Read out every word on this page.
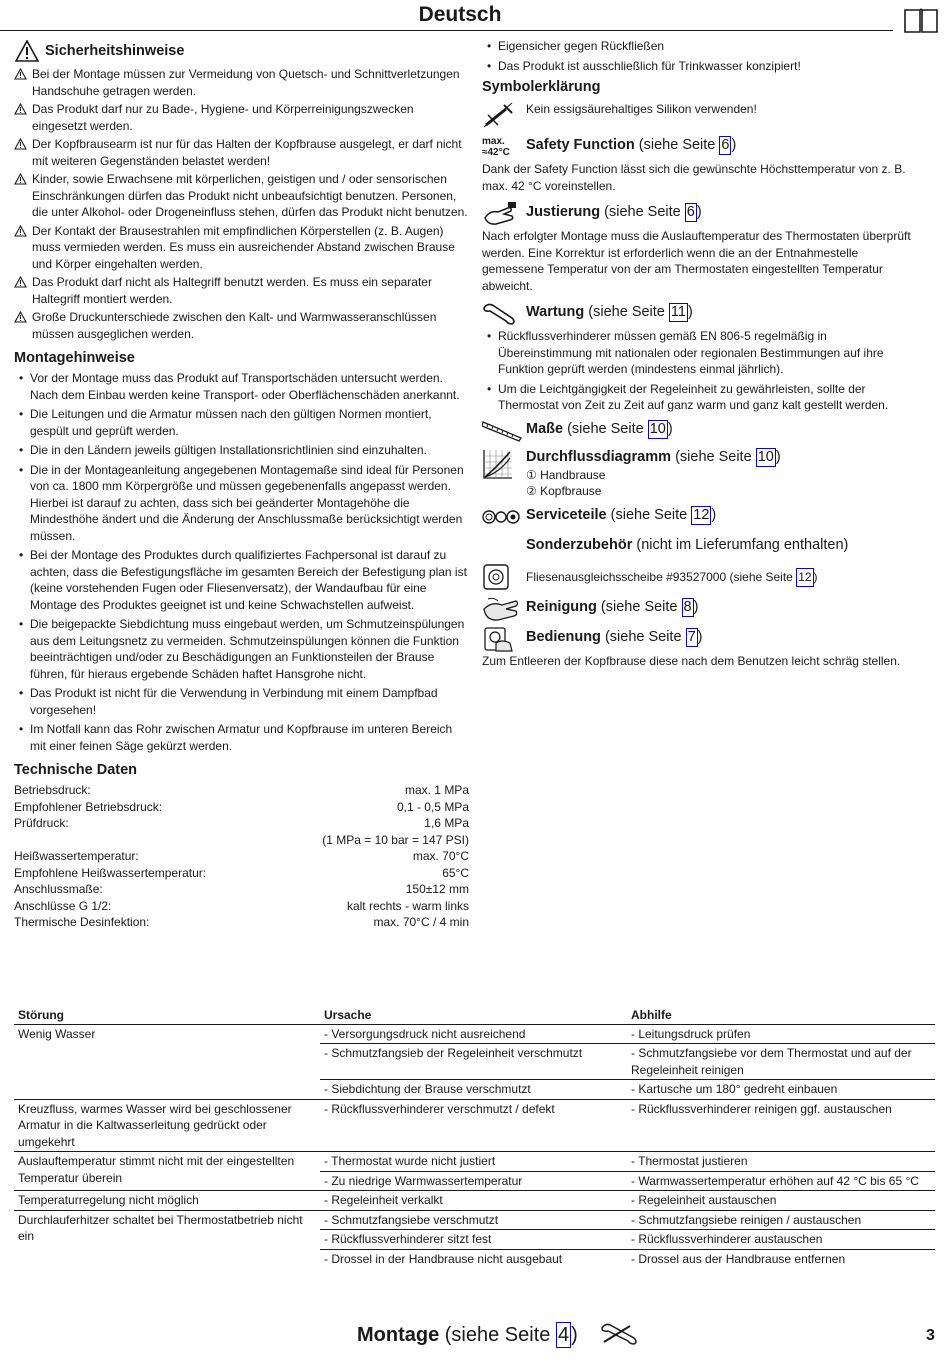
Deutsch
Sicherheitshinweise
Bei der Montage müssen zur Vermeidung von Quetsch- und Schnittverletzungen Handschuhe getragen werden.
Das Produkt darf nur zu Bade-, Hygiene- und Körperreinigungszwecken eingesetzt werden.
Der Kopfbrausearm ist nur für das Halten der Kopfbrause ausgelegt, er darf nicht mit weiteren Gegenständen belastet werden!
Kinder, sowie Erwachsene mit körperlichen, geistigen und / oder sensorischen Einschränkungen dürfen das Produkt nicht unbeaufsichtigt benutzen. Personen, die unter Alkohol- oder Drogeneinfluss stehen, dürfen das Produkt nicht benutzen.
Der Kontakt der Brausestrahlen mit empfindlichen Körperstellen (z. B. Augen) muss vermieden werden. Es muss ein ausreichender Abstand zwischen Brause und Körper eingehalten werden.
Das Produkt darf nicht als Haltegriff benutzt werden. Es muss ein separater Haltegriff montiert werden.
Große Druckunterschiede zwischen den Kalt- und Warmwasseranschlüssen müssen ausgeglichen werden.
Montagehinweise
• Vor der Montage muss das Produkt auf Transportschäden untersucht werden. Nach dem Einbau werden keine Transport- oder Oberflächenschäden anerkannt.
• Die Leitungen und die Armatur müssen nach den gültigen Normen montiert, gespült und geprüft werden.
• Die in den Ländern jeweils gültigen Installationsrichtlinien sind einzuhalten.
• Die in der Montageanleitung angegebenen Montagemaße sind ideal für Personen von ca. 1800 mm Körpergröße und müssen gegebenenfalls angepasst werden. Hierbei ist darauf zu achten, dass sich bei geänderter Montagehöhe die Mindesthöhe ändert und die Änderung der Anschlussmaße berücksichtigt werden müssen.
• Bei der Montage des Produktes durch qualifiziertes Fachpersonal ist darauf zu achten, dass die Befestigungsfläche im gesamten Bereich der Befestigung plan ist (keine vorstehenden Fugen oder Fliesenversatz), der Wandaufbau für eine Montage des Produktes geeignet ist und keine Schwachstellen aufweist.
• Die beigepackte Siebdichtung muss eingebaut werden, um Schmutzeinspülungen aus dem Leitungsnetz zu vermeiden. Schmutzeinspülungen können die Funktion beeinträchtigen und/oder zu Beschädigungen an Funktionsteilen der Brause führen, für hieraus ergebende Schäden haftet Hansgrohe nicht.
• Das Produkt ist nicht für die Verwendung in Verbindung mit einem Dampfbad vorgesehen!
• Im Notfall kann das Rohr zwischen Armatur und Kopfbrause im unteren Bereich mit einer feinen Säge gekürzt werden.
Technische Daten
Betriebsdruck:	max. 1 MPa
Empfohlener Betriebsdruck:	0,1 - 0,5 MPa
Prüfdruck:	1,6 MPa
(1 MPa = 10 bar = 147 PSI)
Heißwassertemperatur:	max. 70°C
Empfohlene Heißwassertemperatur:	65°C
Anschlussmaße:	150±12 mm
Anschlüsse G 1/2:	kalt rechts - warm links
Thermische Desinfektion:	max. 70°C / 4 min
• Eigensicher gegen Rückfließen
• Das Produkt ist ausschließlich für Trinkwasser konzipiert!
Symbolerklärung
Kein essigsäurehaltiges Silikon verwenden!
max.
≈42°C Safety Function (siehe Seite 6 )
Dank der Safety Function lässt sich die gewünschte Höchsttemperatur von z. B. max. 42 °C voreinstellen.
Justierung (siehe Seite 6 )
Nach erfolgter Montage muss die Auslauftemperatur des Thermostaten überprüft werden. Eine Korrektur ist erforderlich wenn die an der Entnahmestelle gemessene Temperatur von der am Thermostaten eingestellten Temperatur abweicht.
Wartung (siehe Seite 11 )
• Rückflussverhinderer müssen gemäß EN 806-5 regelmäßig in Übereinstimmung mit nationalen oder regionalen Bestimmungen auf ihre Funktion geprüft werden (mindestens einmal jährlich).
• Um die Leichtgängigkeit der Regeleinheit zu gewährleisten, sollte der Thermostat von Zeit zu Zeit auf ganz warm und ganz kalt gestellt werden.
Maße (siehe Seite 10 )
Durchflussdiagramm (siehe Seite 10 )
① Handbrause
② Kopfbrause
Serviceteile (siehe Seite 12 )
Sonderzubehör (nicht im Lieferumfang enthalten)
Fliesenausgleichsscheibe #93527000 (siehe Seite 12 )
Reinigung (siehe Seite 8 )
Bedienung (siehe Seite 7 )
Zum Entleeren der Kopfbrause diese nach dem Benutzen leicht schräg stellen.
Störung	Ursache	Abhilfe
Wenig Wasser	- Versorgungsdruck nicht ausreichend	- Leitungsdruck prüfen
	- Schmutzfangsieb der Regeleinheit verschmutzt	- Schmutzfangsiebe vor dem Thermostat und auf der Regeleinheit reinigen
	- Siebdichtung der Brause verschmutzt	- Kartusche um 180° gedreht einbauen
Kreuzfluss, warmes Wasser wird bei geschlossener Armatur in die Kaltwasserleitung gedrückt oder umgekehrt	- Rückflussverhinderer verschmutzt / defekt	- Rückflussverhinderer reinigen ggf. austauschen
Auslauftemperatur stimmt nicht mit der eingestellten Temperatur überein	- Thermostat wurde nicht justiert	- Thermostat justieren
	- Zu niedrige Warmwassertemperatur	- Warmwassertemperatur erhöhen auf 42 °C bis 65 °C
Temperaturregelung nicht möglich	- Regeleinheit verkalkt	- Regeleinheit austauschen
Durchlauferhitzer schaltet bei Thermostatbetrieb nicht ein	- Schmutzfangsiebe verschmutzt	- Schmutzfangsiebe reinigen / austauschen
	- Rückflussverhinderer sitzt fest	- Rückflussverhinderer austauschen
	- Drossel in der Handbrause nicht ausgebaut	- Drossel aus der Handbrause entfernen
Montage (siehe Seite 4 )	3
